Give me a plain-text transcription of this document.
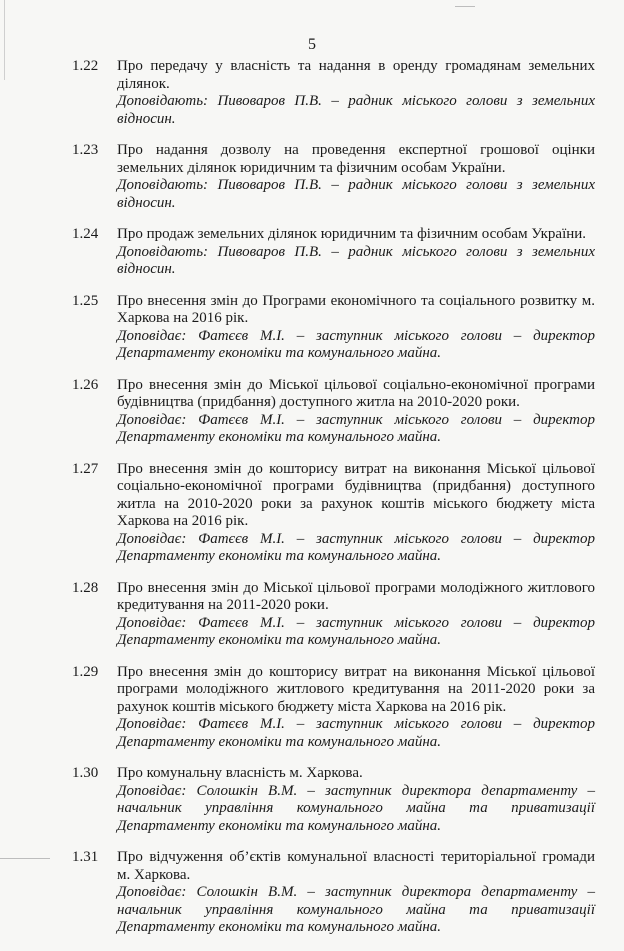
5
1.22 Про передачу у власність та надання в оренду громадянам земельних ділянок.
Доповідають: Пивоваров П.В. – радник міського голови з земельних відносин.
1.23 Про надання дозволу на проведення експертної грошової оцінки земельних ділянок юридичним та фізичним особам України.
Доповідають: Пивоваров П.В. – радник міського голови з земельних відносин.
1.24 Про продаж земельних ділянок юридичним та фізичним особам України.
Доповідають: Пивоваров П.В. – радник міського голови з земельних відносин.
1.25 Про внесення змін до Програми економічного та соціального розвитку м. Харкова на 2016 рік.
Доповідає: Фатєєв М.І. – заступник міського голови – директор Департаменту економіки та комунального майна.
1.26 Про внесення змін до Міської цільової соціально-економічної програми будівництва (придбання) доступного житла на 2010-2020 роки.
Доповідає: Фатєєв М.І. – заступник міського голови – директор Департаменту економіки та комунального майна.
1.27 Про внесення змін до кошторису витрат на виконання Міської цільової соціально-економічної програми будівництва (придбання) доступного житла на 2010-2020 роки за рахунок коштів міського бюджету міста Харкова на 2016 рік.
Доповідає: Фатєєв М.І. – заступник міського голови – директор Департаменту економіки та комунального майна.
1.28 Про внесення змін до Міської цільової програми молодіжного житлового кредитування на 2011-2020 роки.
Доповідає: Фатєєв М.І. – заступник міського голови – директор Департаменту економіки та комунального майна.
1.29 Про внесення змін до кошторису витрат на виконання Міської цільової програми молодіжного житлового кредитування на 2011-2020 роки за рахунок коштів міського бюджету міста Харкова на 2016 рік.
Доповідає: Фатєєв М.І. – заступник міського голови – директор Департаменту економіки та комунального майна.
1.30 Про комунальну власність м. Харкова.
Доповідає: Солошкін В.М. – заступник директора департаменту – начальник управління комунального майна та приватизації Департаменту економіки та комунального майна.
1.31 Про відчуження об’єктів комунальної власності територіальної громади м. Харкова.
Доповідає: Солошкін В.М. – заступник директора департаменту – начальник управління комунального майна та приватизації Департаменту економіки та комунального майна.
